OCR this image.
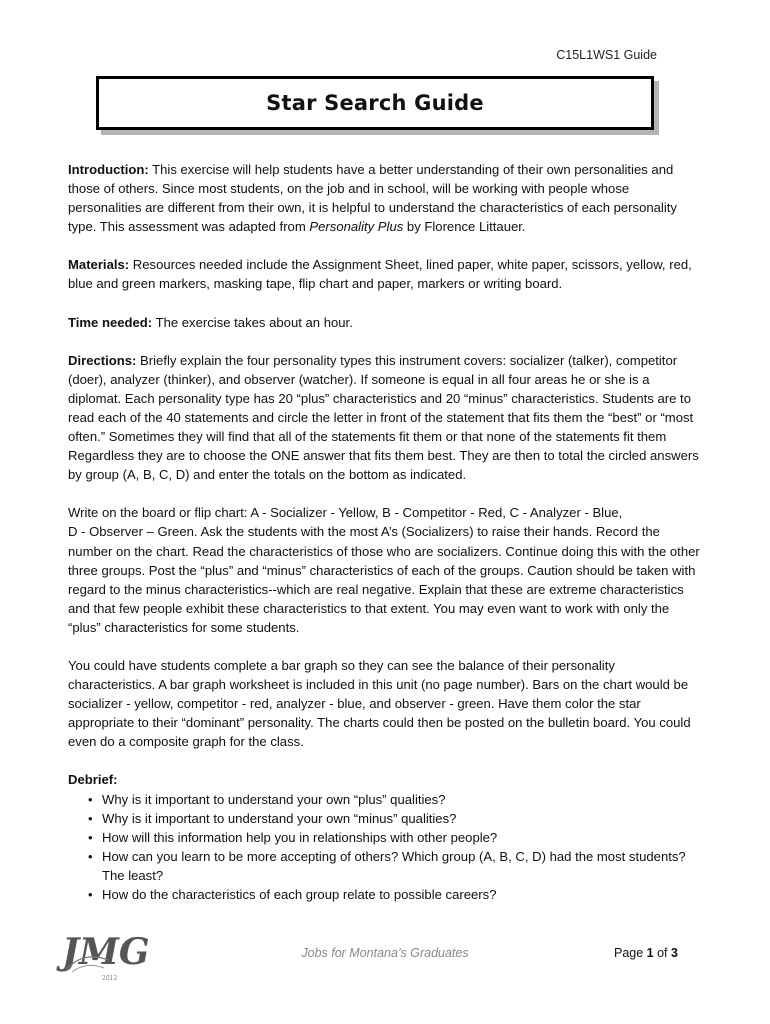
C15L1WS1 Guide
Star Search Guide

Introduction: This exercise will help students have a better understanding of their own personalities and those of others. Since most students, on the job and in school, will be working with people whose personalities are different from their own, it is helpful to understand the characteristics of each personality type. This assessment was adapted from Personality Plus by Florence Littauer.

Materials: Resources needed include the Assignment Sheet, lined paper, white paper, scissors, yellow, red, blue and green markers, masking tape, flip chart and paper, markers or writing board.

Time needed: The exercise takes about an hour.

Directions: Briefly explain the four personality types this instrument covers: socializer (talker), competitor (doer), analyzer (thinker), and observer (watcher). If someone is equal in all four areas he or she is a diplomat. Each personality type has 20 “plus” characteristics and 20 “minus” characteristics. Students are to read each of the 40 statements and circle the letter in front of the statement that fits them the “best” or “most often.” Sometimes they will find that all of the statements fit them or that none of the statements fit them Regardless they are to choose the ONE answer that fits them best. They are then to total the circled answers by group (A, B, C, D) and enter the totals on the bottom as indicated.

Write on the board or flip chart: A - Socializer - Yellow, B - Competitor - Red, C - Analyzer - Blue,
D - Observer – Green. Ask the students with the most A’s (Socializers) to raise their hands. Record the number on the chart. Read the characteristics of those who are socializers. Continue doing this with the other three groups. Post the “plus” and “minus” characteristics of each of the groups. Caution should be taken with regard to the minus characteristics--which are real negative. Explain that these are extreme characteristics and that few people exhibit these characteristics to that extent. You may even want to work with only the “plus” characteristics for some students.

You could have students complete a bar graph so they can see the balance of their personality characteristics. A bar graph worksheet is included in this unit (no page number). Bars on the chart would be socializer - yellow, competitor - red, analyzer - blue, and observer - green. Have them color the star appropriate to their “dominant” personality. The charts could then be posted on the bulletin board. You could even do a composite graph for the class.

Debrief:
• Why is it important to understand your own “plus” qualities?
• Why is it important to understand your own “minus” qualities?
• How will this information help you in relationships with other people?
• How can you learn to be more accepting of others? Which group (A, B, C, D) had the most students? The least?
• How do the characteristics of each group relate to possible careers?
JMG
2012
Jobs for Montana’s Graduates	Page 1 of 3
